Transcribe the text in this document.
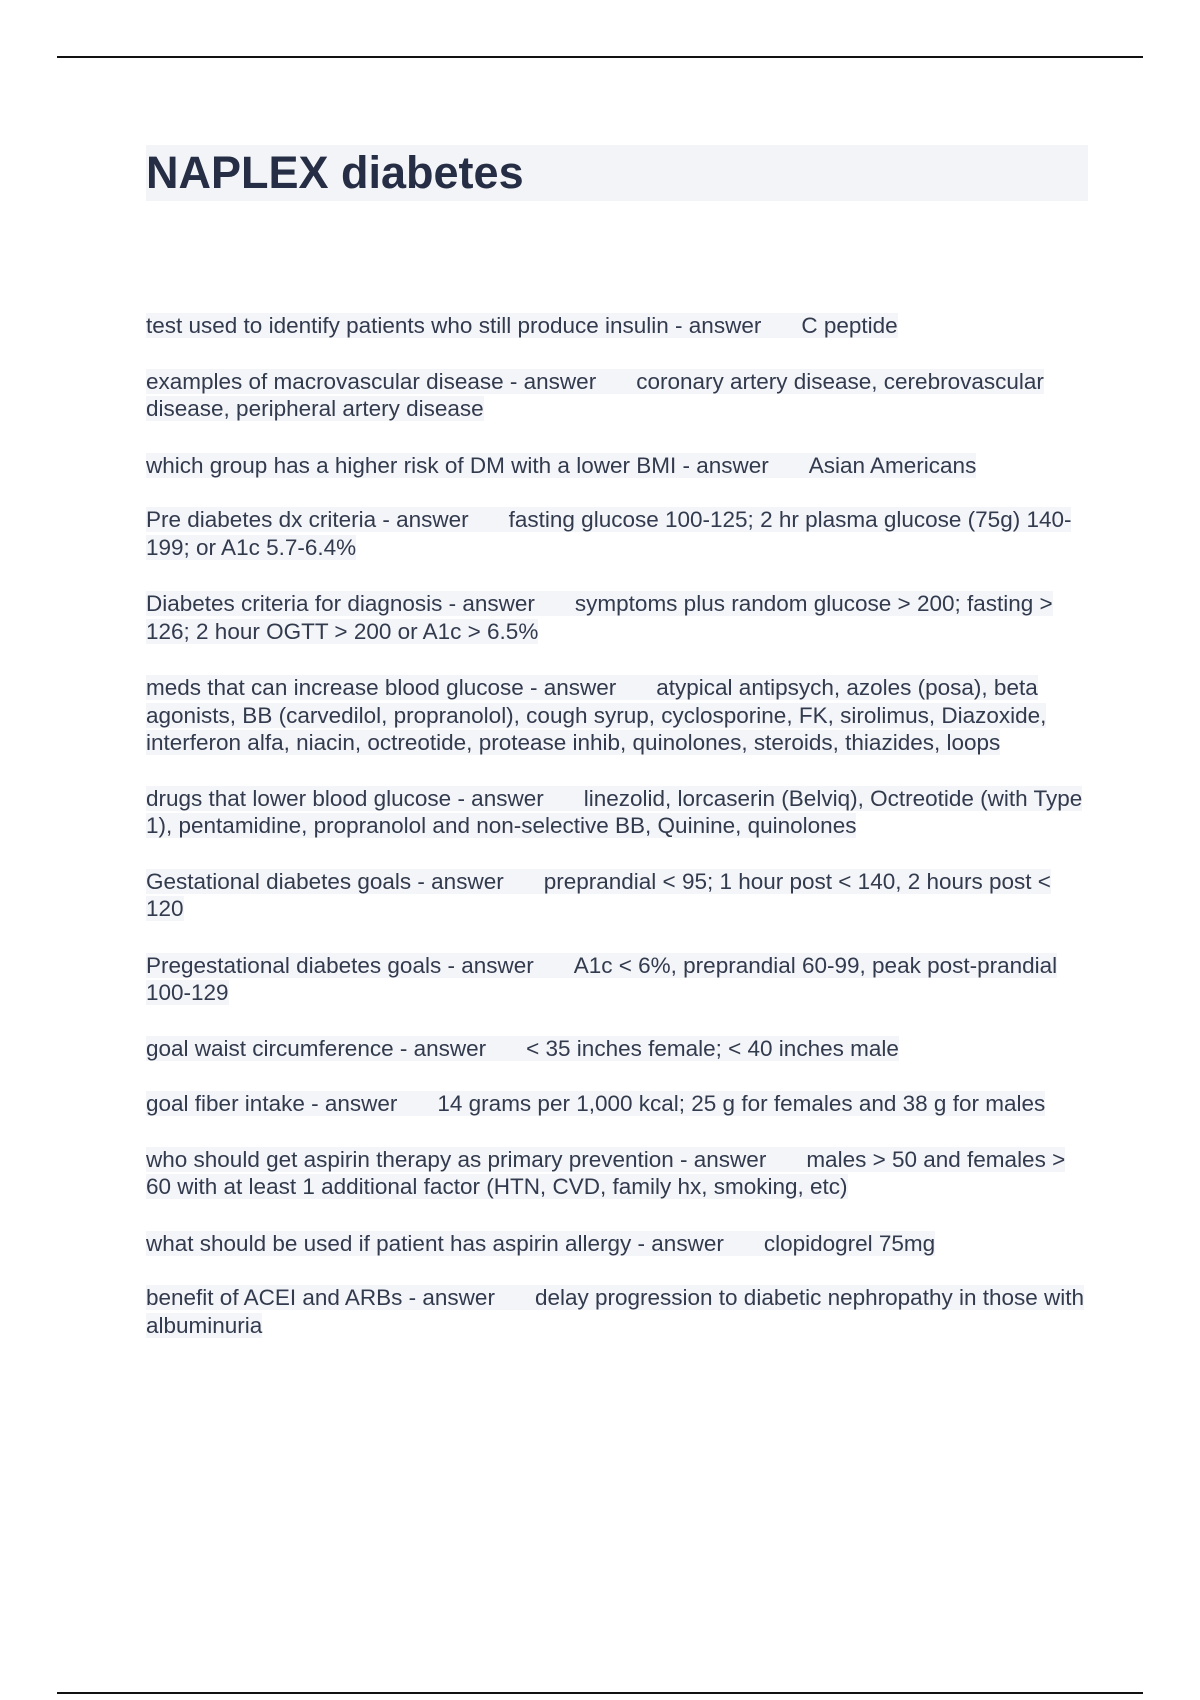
NAPLEX diabetes
test used to identify patients who still produce insulin - answer C peptide
examples of macrovascular disease - answer coronary artery disease, cerebrovascular disease, peripheral artery disease
which group has a higher risk of DM with a lower BMI - answer Asian Americans
Pre diabetes dx criteria - answer fasting glucose 100-125; 2 hr plasma glucose (75g) 140-199; or A1c 5.7-6.4%
Diabetes criteria for diagnosis - answer symptoms plus random glucose > 200; fasting > 126; 2 hour OGTT > 200 or A1c > 6.5%
meds that can increase blood glucose - answer atypical antipsych, azoles (posa), beta agonists, BB (carvedilol, propranolol), cough syrup, cyclosporine, FK, sirolimus, Diazoxide, interferon alfa, niacin, octreotide, protease inhib, quinolones, steroids, thiazides, loops
drugs that lower blood glucose - answer linezolid, lorcaserin (Belviq), Octreotide (with Type 1), pentamidine, propranolol and non-selective BB, Quinine, quinolones
Gestational diabetes goals - answer preprandial < 95; 1 hour post < 140, 2 hours post < 120
Pregestational diabetes goals - answer A1c < 6%, preprandial 60-99, peak post-prandial 100-129
goal waist circumference - answer < 35 inches female; < 40 inches male
goal fiber intake - answer 14 grams per 1,000 kcal; 25 g for females and 38 g for males
who should get aspirin therapy as primary prevention - answer males > 50 and females > 60 with at least 1 additional factor (HTN, CVD, family hx, smoking, etc)
what should be used if patient has aspirin allergy - answer clopidogrel 75mg
benefit of ACEI and ARBs - answer delay progression to diabetic nephropathy in those with albuminuria
